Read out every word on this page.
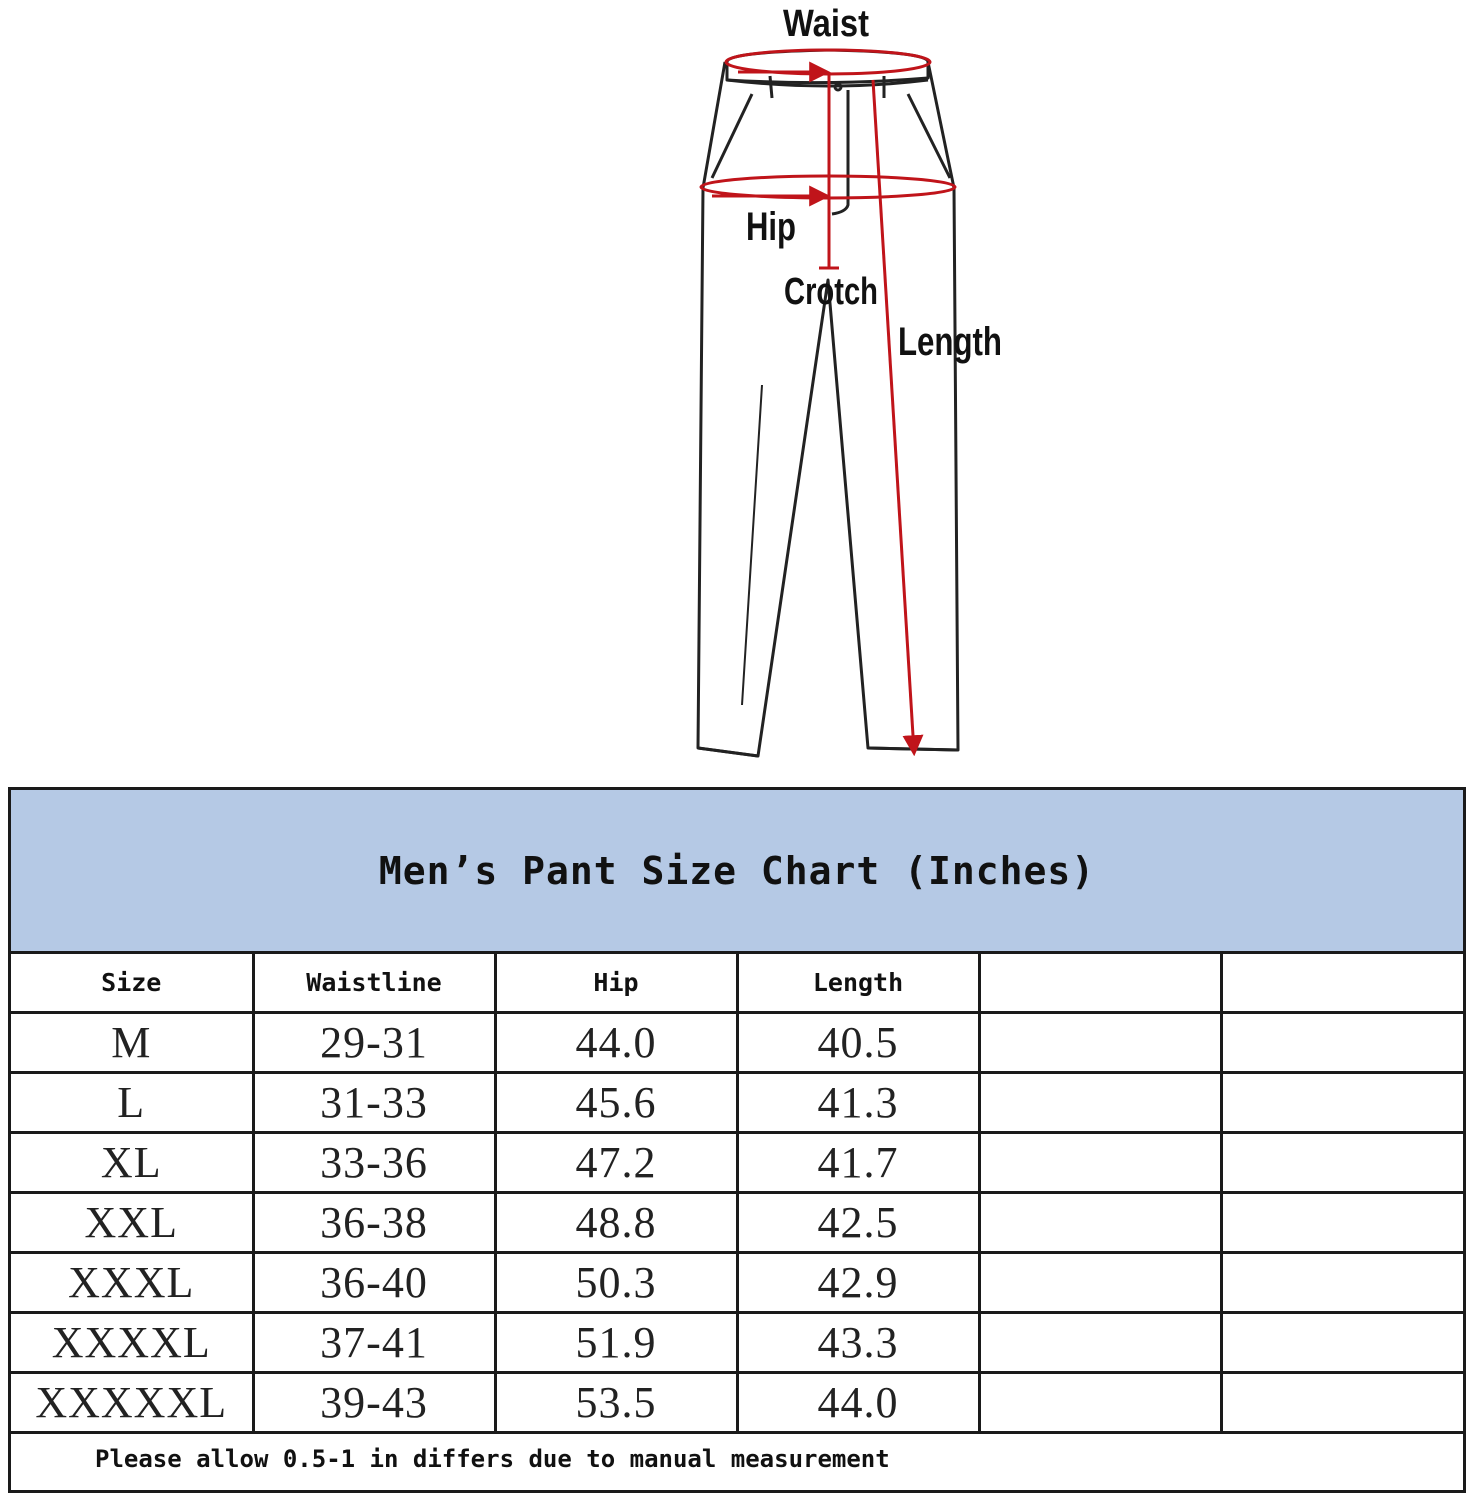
Waist
Hip
Crotch
Length
Men’s Pant Size Chart (Inches)
Size	Waistline	Hip	Length		
M	29-31	44.0	40.5		
L	31-33	45.6	41.3		
XL	33-36	47.2	41.7		
XXL	36-38	48.8	42.5		
XXXL	36-40	50.3	42.9		
XXXXL	37-41	51.9	43.3		
XXXXXL	39-43	53.5	44.0		
Please allow 0.5-1 in differs due to manual measurement
